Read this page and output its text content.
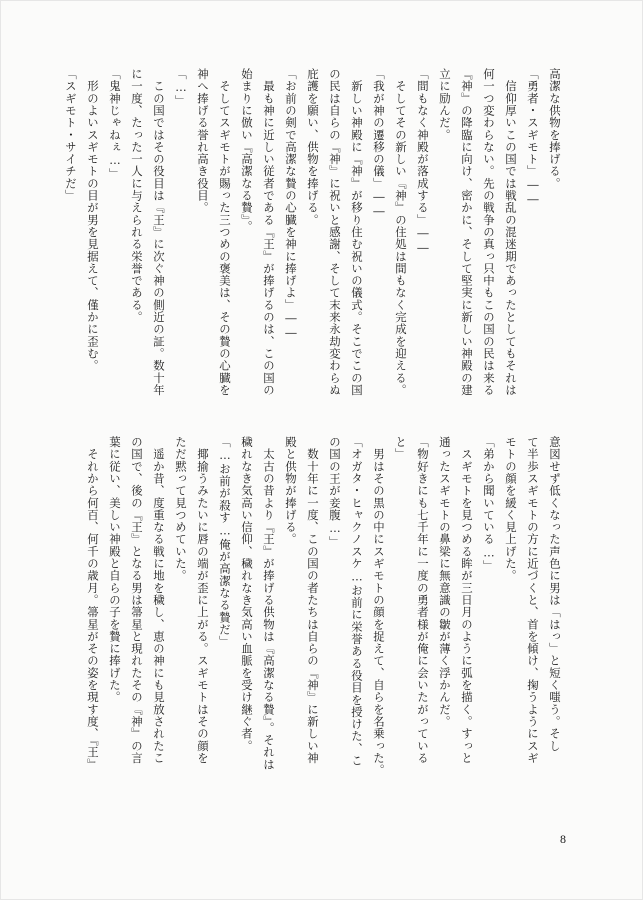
高潔な供物を捧げる。
「勇者・スギモト」――
　信仰厚いこの国では戦乱の混迷期であったとしてもそれは
何一つ変わらない。先の戦争の真っ只中もこの国の民は来る
『神』の降臨に向け、密かに、そして堅実に新しい神殿の建
立に励んだ。
「間もなく神殿が落成する」――
　そしてその新しい『神』の住処は間もなく完成を迎える。
「我が神の遷移の儀」――
　新しい神殿に『神』が移り住む祝いの儀式。そこでこの国
の民は自らの『神』に祝いと感謝、そして末来永劫変わらぬ
庇護を願い、供物を捧げる。
「お前の剣で高潔な贄の心臓を神に捧げよ」――
　最も神に近しい従者である『王』が捧げるのは、この国の
始まりに倣い『高潔なる贄』。
　そしてスギモトが賜った三つめの褒美は、その贄の心臓を
神へ捧げる誉れ高き役目。
「…」
　この国ではその役目は『王』に次ぐ神の側近の証。数十年
に一度、たった一人に与えられる栄誉である。
「鬼神じゃねぇ…」
　形のよいスギモトの目が男を見据えて、僅かに歪む。
「スギモト・サイチだ」
意図せず低くなった声色に男は「はっ」と短く嗤う。そし
て半歩スギモトの方に近づくと、首を傾け、掬うようにスギ
モトの顔を緩く見上げた。
「弟から聞いている…」
　スギモトを見つめる眸が三日月のように弧を描く。すっと
通ったスギモトの鼻梁に無意識の皺が薄く浮かんだ。
「物好きにも七千年に一度の勇者様が俺に会いたがっている
と」
　男はその黒の中にスギモトの顔を捉えて、自らを名乗った。
「オガタ・ヒャクノスケ…お前に栄誉ある役目を授けた、こ
の国の王が妾腹…」
　数十年に一度、この国の者たちは自らの『神』に新しい神
殿と供物が捧げる。
　太古の昔より『王』が捧げる供物は『高潔なる贄』。それは
穢れなき気高い信仰、穢れなき気高い血脈を受け継ぐ者。
「…お前が殺す…俺が高潔なる贄だ」
　揶揄うみたいに唇の端が歪に上がる。スギモトはその顔を
ただ黙って見つめていた。
　遥か昔、度重なる戦に地を穢し、恵の神にも見放されたこ
の国で、後の『王』となる男は箒星と現れたその『神』の言
葉に従い、美しい神殿と自らの子を贄に捧げた。
　それから何百、何千の歳月。箒星がその姿を現す度、『王』
8
